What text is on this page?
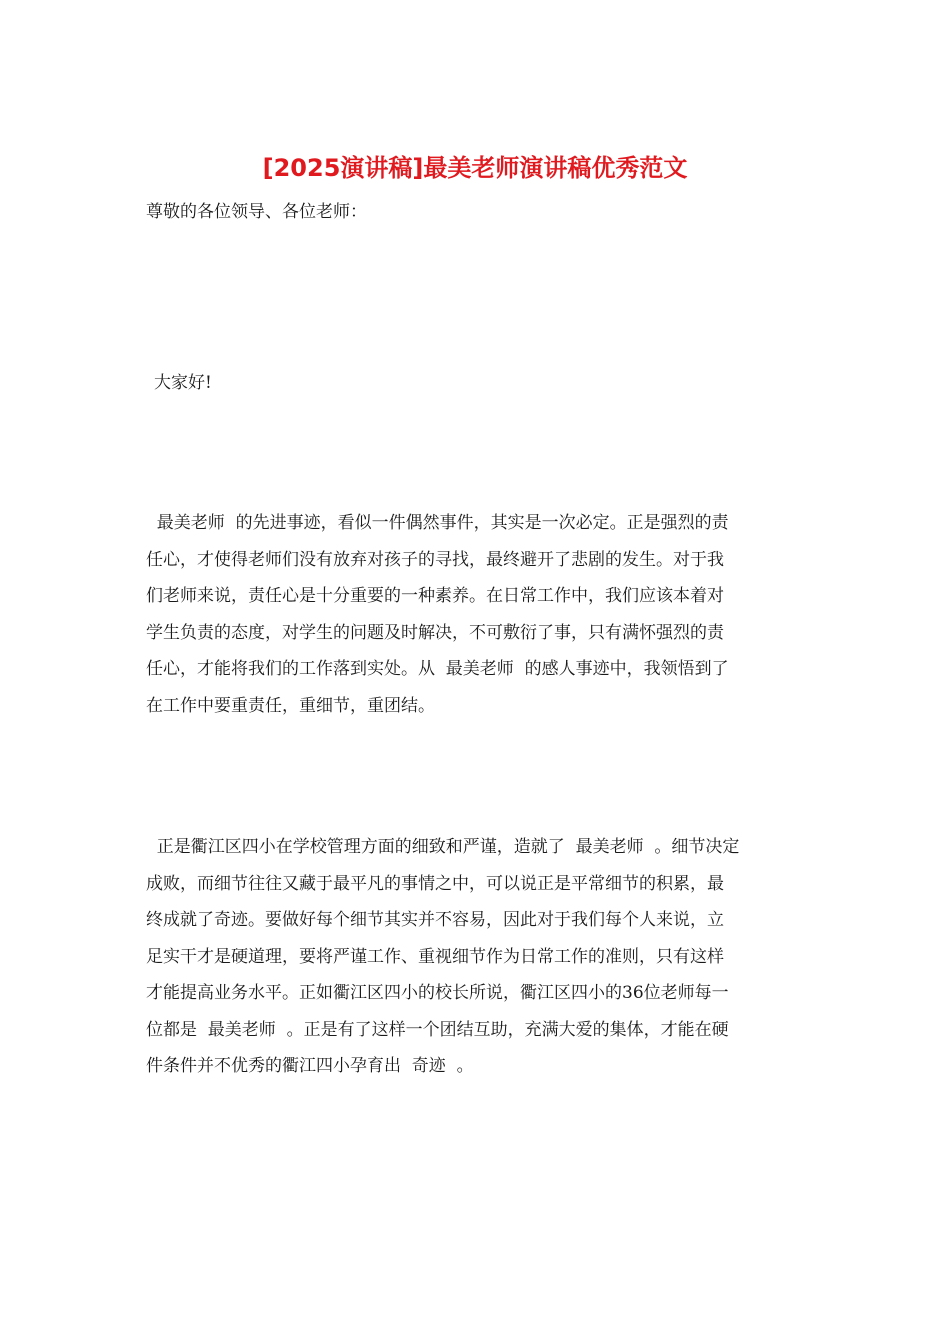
[2025演讲稿]最美老师演讲稿优秀范文

尊敬的各位领导、各位老师：

大家好!

最美老师  的先进事迹，看似一件偶然事件，其实是一次必定。正是强烈的责
任心，才使得老师们没有放弃对孩子的寻找，最终避开了悲剧的发生。对于我
们老师来说，责任心是十分重要的一种素养。在日常工作中，我们应该本着对
学生负责的态度，对学生的问题及时解决，不可敷衍了事，只有满怀强烈的责
任心，才能将我们的工作落到实处。从  最美老师  的感人事迹中，我领悟到了
在工作中要重责任，重细节，重团结。

正是衢江区四小在学校管理方面的细致和严谨，造就了  最美老师  。细节决定
成败，而细节往往又藏于最平凡的事情之中，可以说正是平常细节的积累，最
终成就了奇迹。要做好每个细节其实并不容易，因此对于我们每个人来说，立
足实干才是硬道理，要将严谨工作、重视细节作为日常工作的准则，只有这样
才能提高业务水平。正如衢江区四小的校长所说，衢江区四小的36位老师每一
位都是  最美老师  。正是有了这样一个团结互助，充满大爱的集体，才能在硬
件条件并不优秀的衢江四小孕育出  奇迹  。
